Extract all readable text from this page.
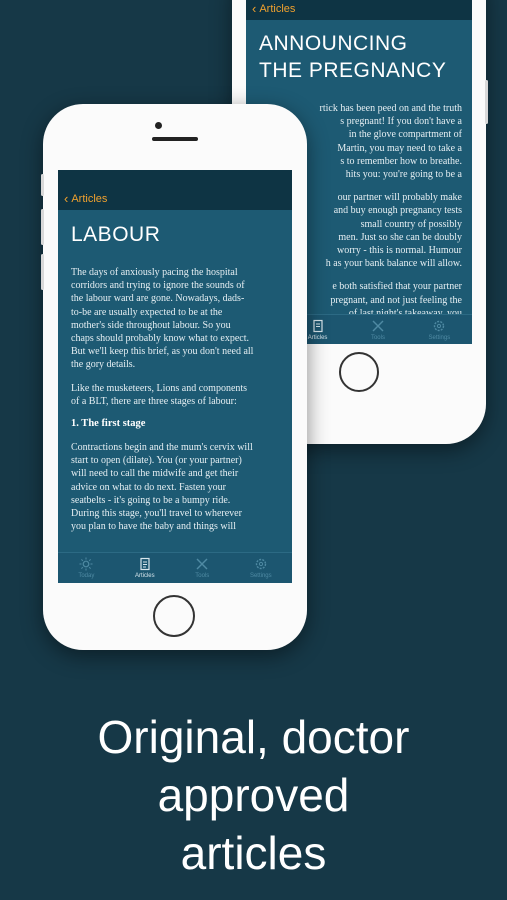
‹ Articles
ANNOUNCING
THE PREGNANCY
rtick has been peed on and the truth
s pregnant! If you don't have a
in the glove compartment of
Martin, you may need to take a
s to remember how to breathe.
hits you: you're going to be a
our partner will probably make
and buy enough pregnancy tests
small country of possibly
men. Just so she can be doubly
worry - this is normal. Humour
h as your bank balance will allow.
e both satisfied that your partner
pregnant, and not just feeling the
Articles	Tools	Settings
‹ Articles
LABOUR
The days of anxiously pacing the hospital
corridors and trying to ignore the sounds of
the labour ward are gone. Nowadays, dads-
to-be are usually expected to be at the
mother's side throughout labour. So you
chaps should probably know what to expect.
But we'll keep this brief, as you don't need all
the gory details.
Like the musketeers, Lions and components
of a BLT, there are three stages of labour:
1. The first stage
Contractions begin and the mum's cervix will
start to open (dilate). You (or your partner)
will need to call the midwife and get their
advice on what to do next. Fasten your
seatbelts - it's going to be a bumpy ride.
During this stage, you'll travel to wherever
you plan to have the baby and things will
Today	Articles	Tools	Settings
Original, doctor
approved
articles
